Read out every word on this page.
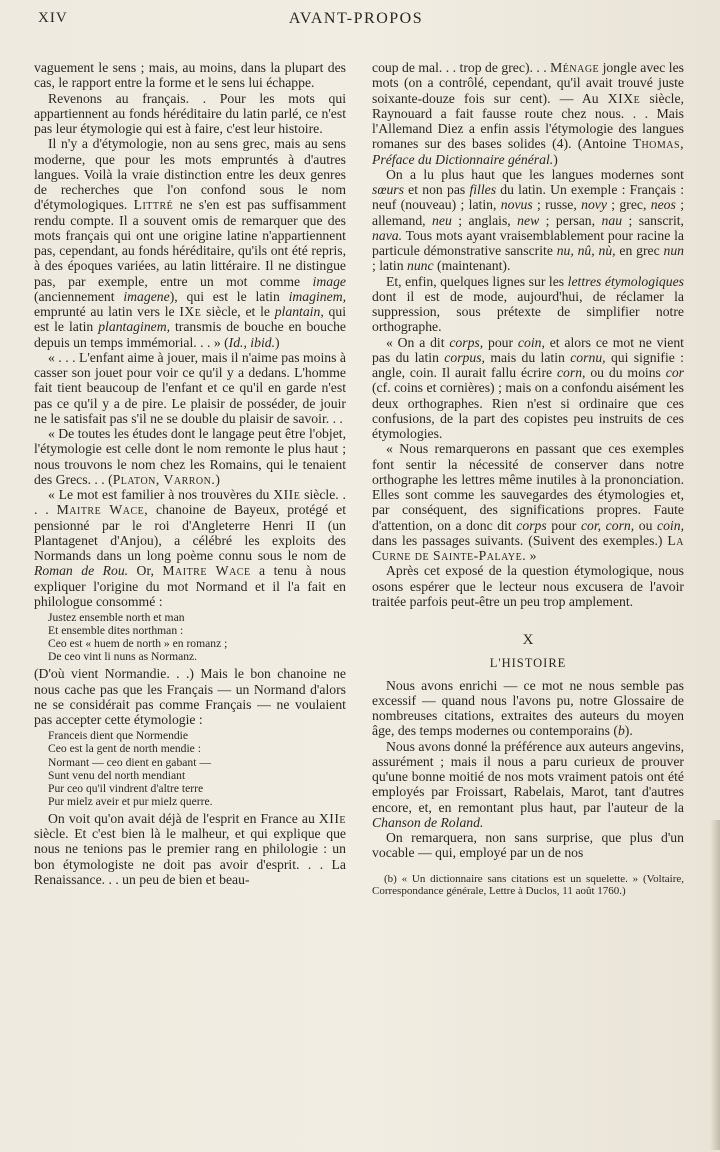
XIV	AVANT-PROPOS

vaguement le sens ; mais, au moins, dans la plupart des cas, le rapport entre la forme et le sens lui échappe.

Revenons au français. . Pour les mots qui appartiennent au fonds héréditaire du latin parlé, ce n'est pas leur étymologie qui est à faire, c'est leur histoire.

Il n'y a d'étymologie, non au sens grec, mais au sens moderne, que pour les mots empruntés à d'autres langues. Voilà la vraie distinction entre les deux genres de recherches que l'on confond sous le nom d'étymologiques. Littré ne s'en est pas suffisamment rendu compte. Il a souvent omis de remarquer que des mots français qui ont une origine latine n'appartiennent pas, cependant, au fonds héréditaire, qu'ils ont été repris, à des époques variées, au latin littéraire. Il ne distingue pas, par exemple, entre un mot comme image (anciennement imagene), qui est le latin imaginem, emprunté au latin vers le IXe siècle, et le plantain, qui est le latin plantaginem, transmis de bouche en bouche depuis un temps immémorial. . . » (Id., ibid.)

« . . . L'enfant aime à jouer, mais il n'aime pas moins à casser son jouet pour voir ce qu'il y a dedans. L'homme fait tient beaucoup de l'enfant et ce qu'il en garde n'est pas ce qu'il y a de pire. Le plaisir de posséder, de jouir ne le satisfait pas s'il ne se double du plaisir de savoir. . .

« De toutes les études dont le langage peut être l'objet, l'étymologie est celle dont le nom remonte le plus haut ; nous trouvons le nom chez les Romains, qui le tenaient des Grecs. . . (Platon, Varron.)

« Le mot est familier à nos trouvères du XIIe siècle. . . . Maitre Wace, chanoine de Bayeux, protégé et pensionné par le roi d'Angleterre Henri II (un Plantagenet d'Anjou), a célébré les exploits des Normands dans un long poème connu sous le nom de Roman de Rou. Or, Maitre Wace a tenu à nous expliquer l'origine du mot Normand et il l'a fait en philologue consommé :

Justez ensemble north et man
Et ensemble dites northman :
Ceo est « huem de north » en romanz ;
De ceo vint li nuns as Normanz.

(D'où vient Normandie. . .) Mais le bon chanoine ne nous cache pas que les Français — un Normand d'alors ne se considérait pas comme Français — ne voulaient pas accepter cette étymologie :

Franceis dient que Normendie
Ceo est la gent de north mendie :
Normant — ceo dient en gabant —
Sunt venu del north mendiant
Pur ceo qu'il vindrent d'altre terre
Pur mielz aveir et pur mielz querre.

On voit qu'on avait déjà de l'esprit en France au XIIe siècle. Et c'est bien là le malheur, et qui explique que nous ne tenions pas le premier rang en philologie : un bon étymologiste ne doit pas avoir d'esprit. . . La Renaissance. . . un peu de bien et beau-

coup de mal. . . trop de grec). . . Ménage jongle avec les mots (on a contrôlé, cependant, qu'il avait trouvé juste soixante-douze fois sur cent). — Au XIXe siècle, Raynouard a fait fausse route chez nous. . . Mais l'Allemand Diez a enfin assis l'étymologie des langues romanes sur des bases solides (4). (Antoine Thomas, Préface du Dictionnaire général.)

On a lu plus haut que les langues modernes sont sœurs et non pas filles du latin. Un exemple : Français : neuf (nouveau) ; latin, novus ; russe, novy ; grec, neos ; allemand, neu ; anglais, new ; persan, nau ; sanscrit, nava. Tous mots ayant vraisemblablement pour racine la particule démonstrative sanscrite nu, nû, nù, en grec nun ; latin nunc (maintenant).

Et, enfin, quelques lignes sur les lettres étymologiques dont il est de mode, aujourd'hui, de réclamer la suppression, sous prétexte de simplifier notre orthographe.

« On a dit corps, pour coin, et alors ce mot ne vient pas du latin corpus, mais du latin cornu, qui signifie : angle, coin. Il aurait fallu écrire corn, ou du moins cor (cf. coins et cornières) ; mais on a confondu aisément les deux orthographes. Rien n'est si ordinaire que ces confusions, de la part des copistes peu instruits de ces étymologies.

« Nous remarquerons en passant que ces exemples font sentir la nécessité de conserver dans notre orthographe les lettres même inutiles à la prononciation. Elles sont comme les sauvegardes des étymologies et, par conséquent, des significations propres. Faute d'attention, on a donc dit corps pour cor, corn, ou coin, dans les passages suivants. (Suivent des exemples.) La Curne de Sainte-Palaye. »

Après cet exposé de la question étymologique, nous osons espérer que le lecteur nous excusera de l'avoir traitée parfois peut-être un peu trop amplement.

X
L'HISTOIRE

Nous avons enrichi — ce mot ne nous semble pas excessif — quand nous l'avons pu, notre Glossaire de nombreuses citations, extraites des auteurs du moyen âge, des temps modernes ou contemporains (b).

Nous avons donné la préférence aux auteurs angevins, assurément ; mais il nous a paru curieux de prouver qu'une bonne moitié de nos mots vraiment patois ont été employés par Froissart, Rabelais, Marot, tant d'autres encore, et, en remontant plus haut, par l'auteur de la Chanson de Roland.

On remarquera, non sans surprise, que plus d'un vocable — qui, employé par un de nos

(b) « Un dictionnaire sans citations est un squelette. » (Voltaire, Correspondance générale, Lettre à Duclos, 11 août 1760.)
